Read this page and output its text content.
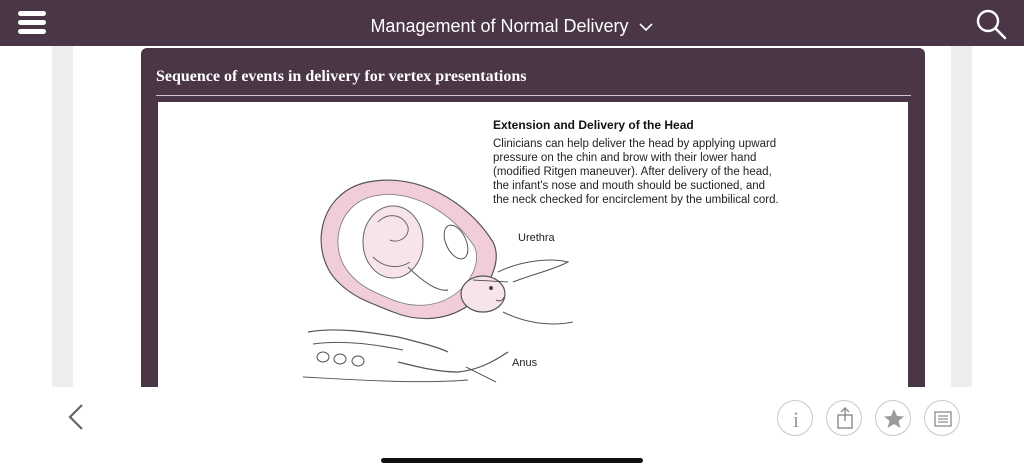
Management of Normal Delivery
Sequence of events in delivery for vertex presentations
Extension and Delivery of the Head
Clinicians can help deliver the head by applying upward pressure on the chin and brow with their lower hand (modified Ritgen maneuver). After delivery of the head, the infant's nose and mouth should be suctioned, and the neck checked for encirclement by the umbilical cord.
Urethra
Anus
i
